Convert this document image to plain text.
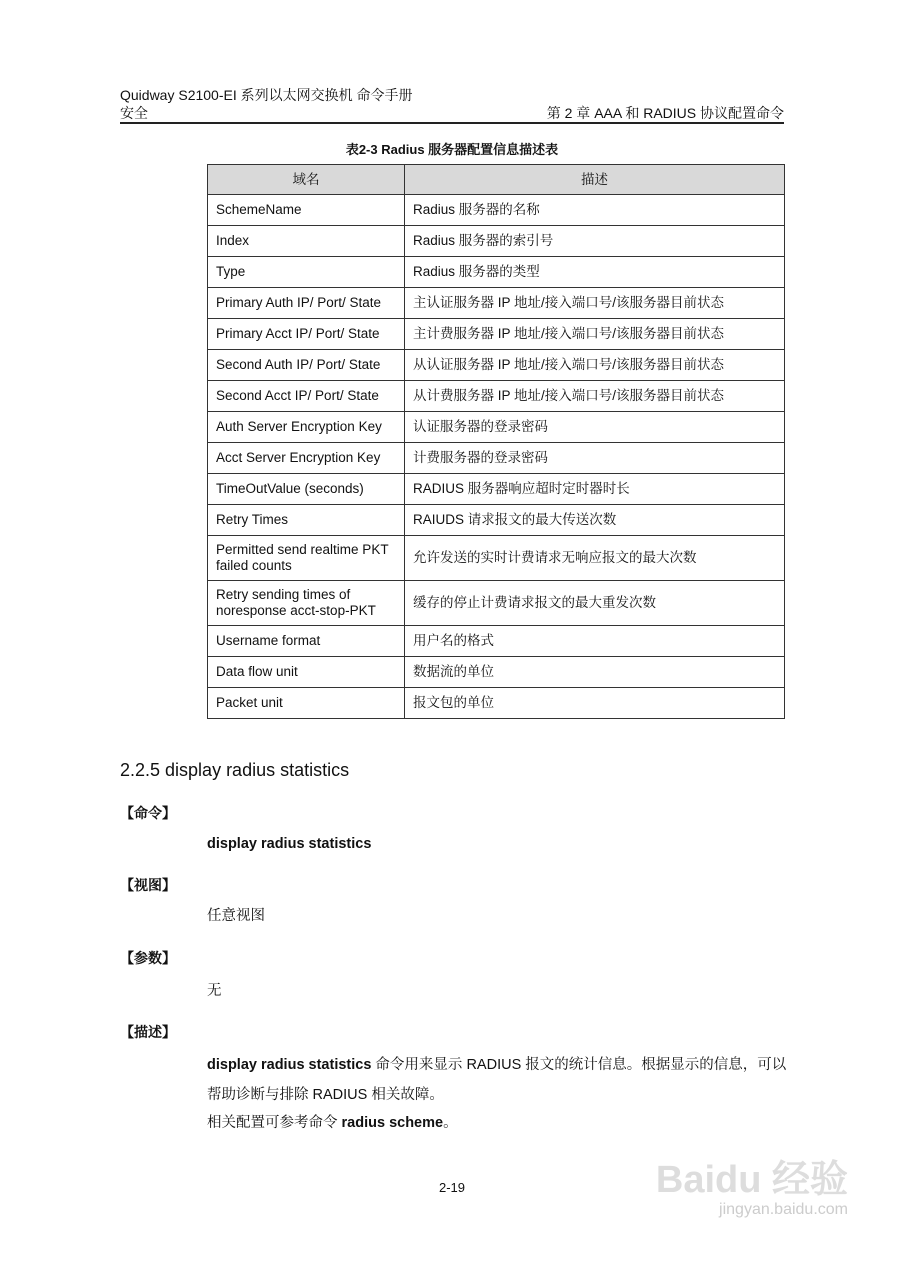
Quidway S2100-EI 系列以太网交换机 命令手册
安全	第 2 章 AAA 和 RADIUS 协议配置命令
表2-3 Radius 服务器配置信息描述表
域名	描述
SchemeName	Radius 服务器的名称
Index	Radius 服务器的索引号
Type	Radius 服务器的类型
Primary Auth IP/ Port/ State	主认证服务器 IP 地址/接入端口号/该服务器目前状态
Primary Acct IP/ Port/ State	主计费服务器 IP 地址/接入端口号/该服务器目前状态
Second Auth IP/ Port/ State	从认证服务器 IP 地址/接入端口号/该服务器目前状态
Second Acct IP/ Port/ State	从计费服务器 IP 地址/接入端口号/该服务器目前状态
Auth Server Encryption Key	认证服务器的登录密码
Acct Server Encryption Key	计费服务器的登录密码
TimeOutValue (seconds)	RADIUS 服务器响应超时定时器时长
Retry Times	RAIUDS 请求报文的最大传送次数
Permitted send realtime PKT failed counts	允许发送的实时计费请求无响应报文的最大次数
Retry sending times of noresponse acct-stop-PKT	缓存的停止计费请求报文的最大重发次数
Username format	用户名的格式
Data flow unit	数据流的单位
Packet unit	报文包的单位
2.2.5 display radius statistics
【命令】
display radius statistics
【视图】
任意视图
【参数】
无
【描述】
display radius statistics 命令用来显示 RADIUS 报文的统计信息。根据显示的信息，可以帮助诊断与排除 RADIUS 相关故障。
相关配置可参考命令 radius scheme。
2-19	Baidu 经验
jingyan.baidu.com
